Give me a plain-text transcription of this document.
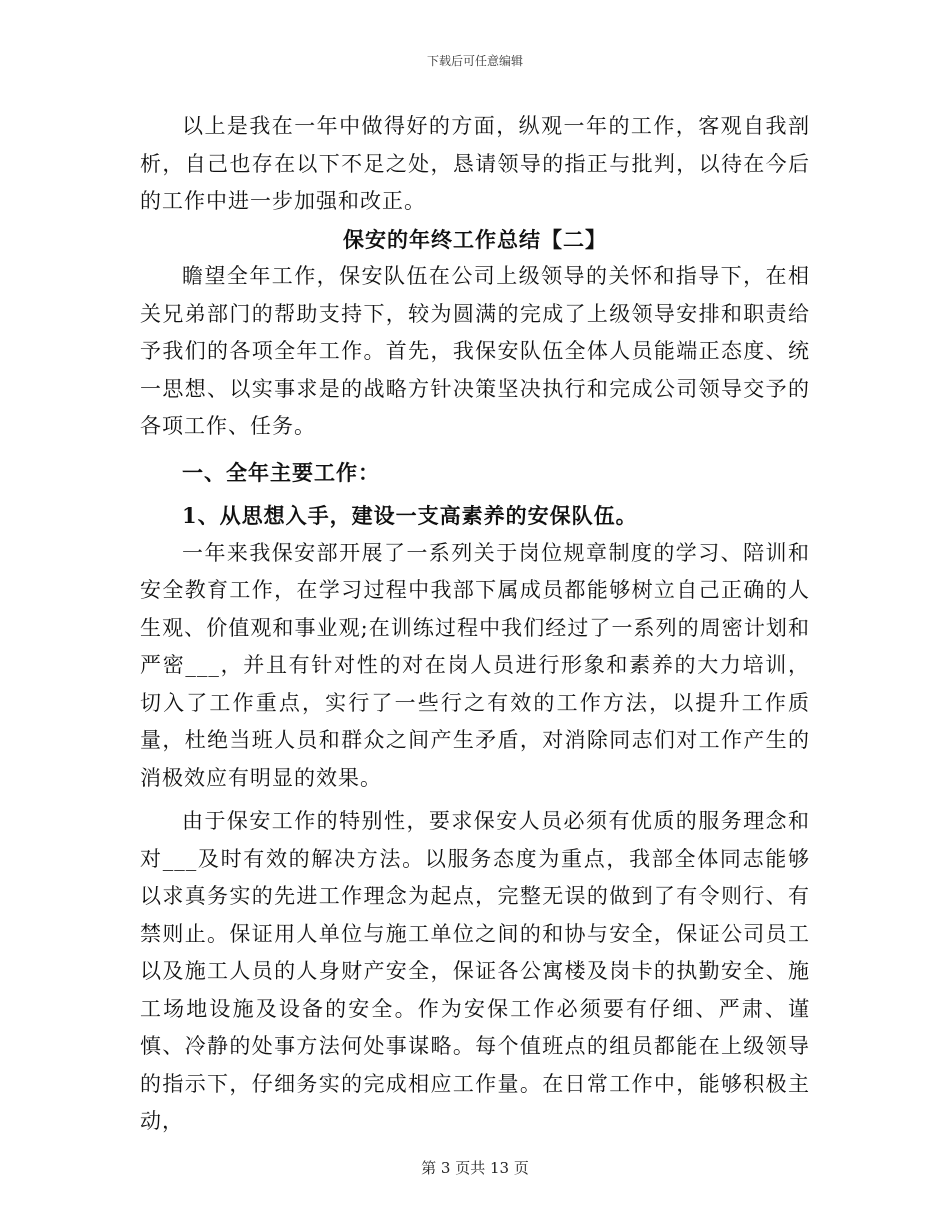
下载后可任意编辑

以上是我在一年中做得好的方面，纵观一年的工作，客观自我剖析，自己也存在以下不足之处，恳请领导的指正与批判，以待在今后的工作中进一步加强和改正。

保安的年终工作总结【二】

瞻望全年工作，保安队伍在公司上级领导的关怀和指导下，在相关兄弟部门的帮助支持下，较为圆满的完成了上级领导安排和职责给予我们的各项全年工作。首先，我保安队伍全体人员能端正态度、统一思想、以实事求是的战略方针决策坚决执行和完成公司领导交予的各项工作、任务。

一、全年主要工作：

1、从思想入手，建设一支高素养的安保队伍。

一年来我保安部开展了一系列关于岗位规章制度的学习、陪训和安全教育工作，在学习过程中我部下属成员都能够树立自己正确的人生观、价值观和事业观;在训练过程中我们经过了一系列的周密计划和严密___，并且有针对性的对在岗人员进行形象和素养的大力培训，切入了工作重点，实行了一些行之有效的工作方法，以提升工作质量，杜绝当班人员和群众之间产生矛盾，对消除同志们对工作产生的消极效应有明显的效果。

由于保安工作的特别性，要求保安人员必须有优质的服务理念和对___及时有效的解决方法。以服务态度为重点，我部全体同志能够以求真务实的先进工作理念为起点，完整无误的做到了有令则行、有禁则止。保证用人单位与施工单位之间的和协与安全，保证公司员工以及施工人员的人身财产安全，保证各公寓楼及岗卡的执勤安全、施工场地设施及设备的安全。作为安保工作必须要有仔细、严肃、谨慎、冷静的处事方法何处事谋略。每个值班点的组员都能在上级领导的指示下，仔细务实的完成相应工作量。在日常工作中，能够积极主动，

第 3 页共 13 页
